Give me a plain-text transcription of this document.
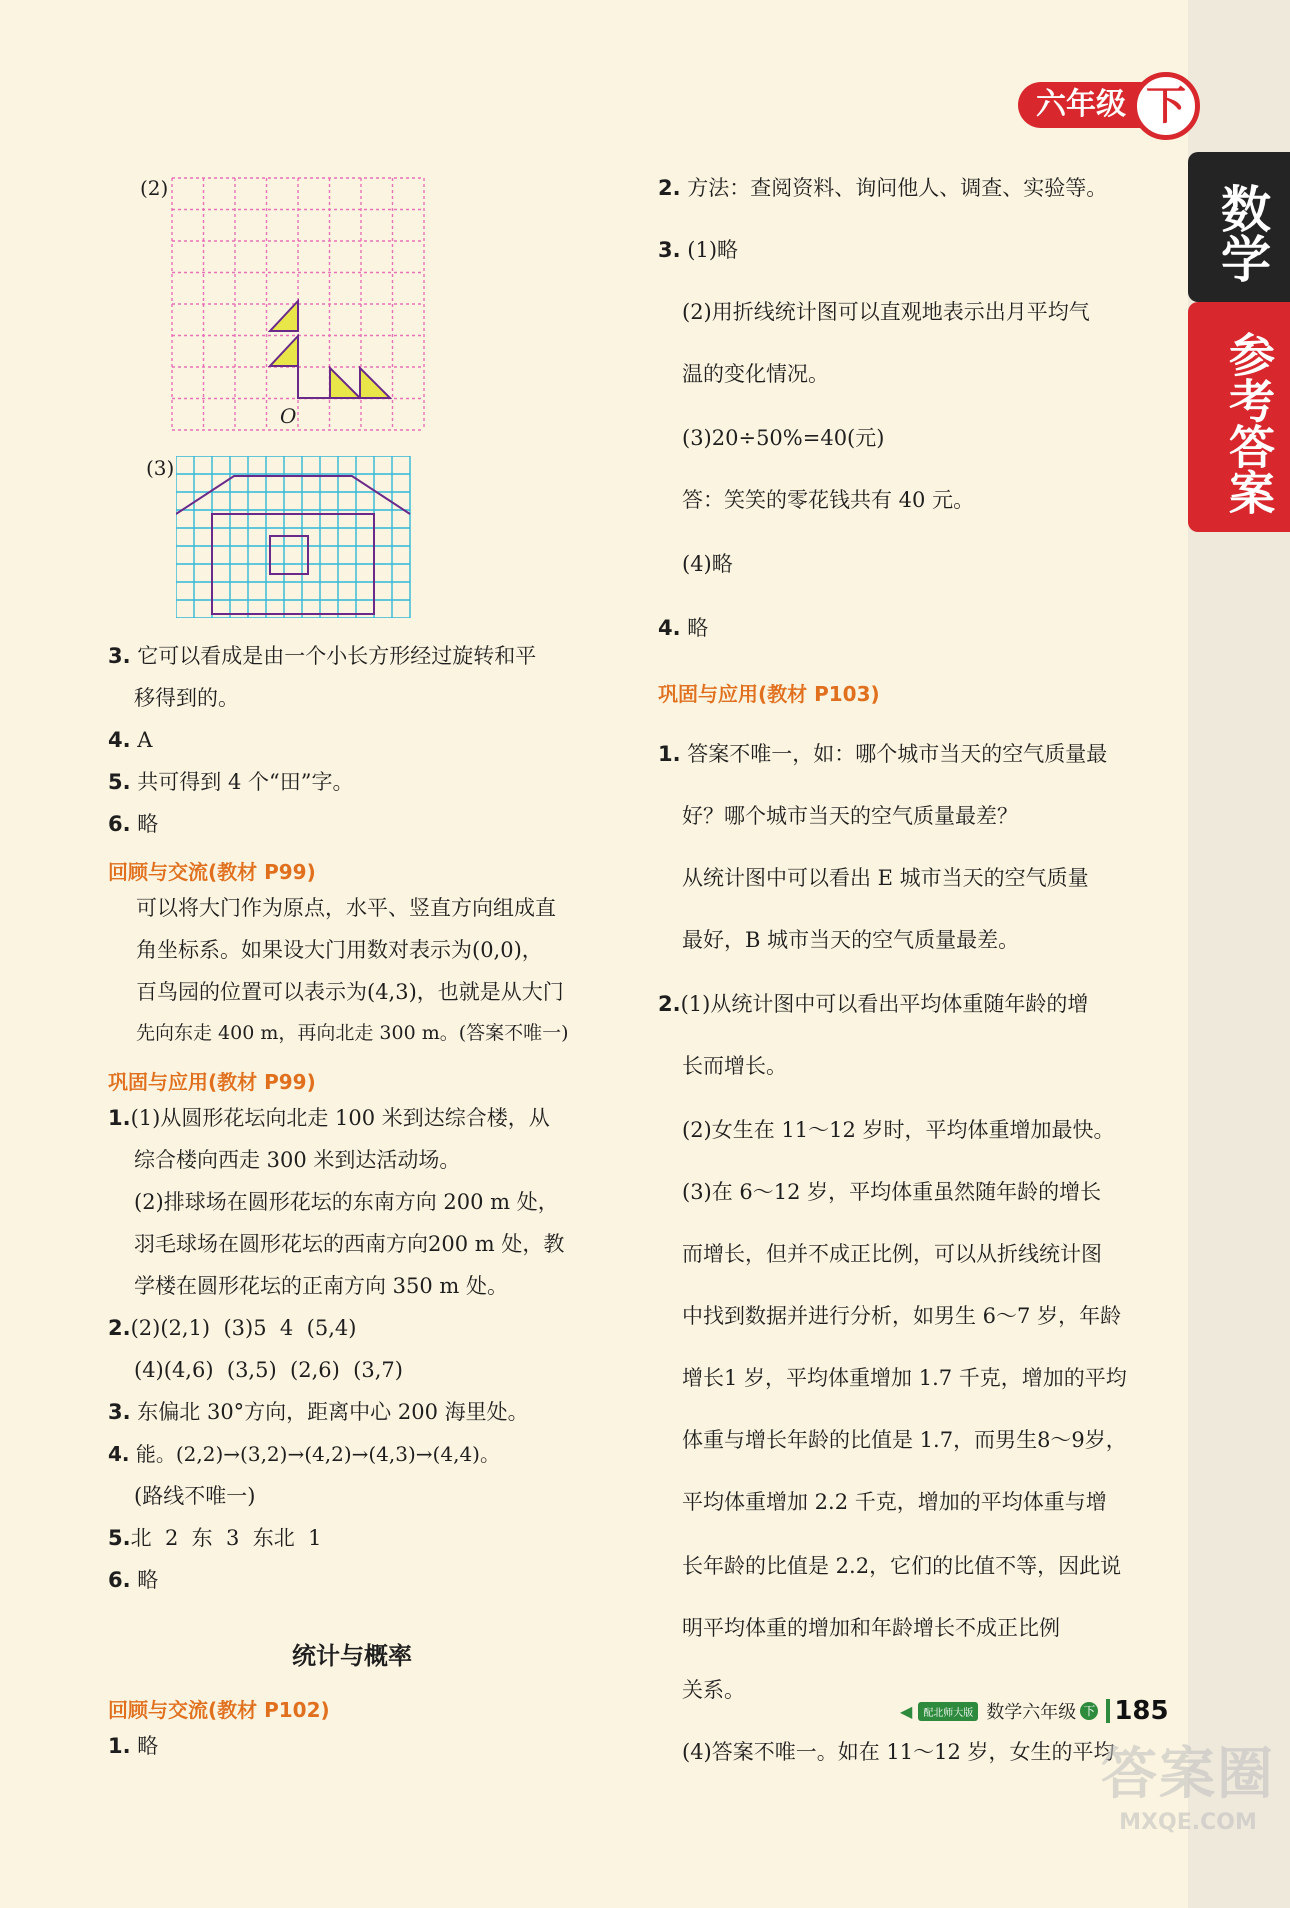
数学
参考答案
六年级 下
(2)
O
(3)
3. 它可以看成是由一个小长方形经过旋转和平
移得到的。
4. A
5. 共可得到 4 个“田”字。
6. 略
回顾与交流(教材 P99)
可以将大门作为原点，水平、竖直方向组成直
角坐标系。如果设大门用数对表示为(0,0)，
百鸟园的位置可以表示为(4,3)，也就是从大门
先向东走 400 m，再向北走 300 m。(答案不唯一)
巩固与应用(教材 P99)
1.(1)从圆形花坛向北走 100 米到达综合楼，从
综合楼向西走 300 米到达活动场。
(2)排球场在圆形花坛的东南方向 200 m 处，
羽毛球场在圆形花坛的西南方向200 m 处，教
学楼在圆形花坛的正南方向 350 m 处。
2.(2)(2,1)  (3)5  4  (5,4)
(4)(4,6)  (3,5)  (2,6)  (3,7)
3. 东偏北 30°方向，距离中心 200 海里处。
4. 能。(2,2)→(3,2)→(4,2)→(4,3)→(4,4)。
(路线不唯一)
5.北  2  东  3  东北  1
6. 略
统计与概率
回顾与交流(教材 P102)
1. 略
2. 方法：查阅资料、询问他人、调查、实验等。
3. (1)略
(2)用折线统计图可以直观地表示出月平均气
温的变化情况。
(3)20÷50%=40(元)
答：笑笑的零花钱共有 40 元。
(4)略
4. 略
巩固与应用(教材 P103)
1. 答案不唯一，如：哪个城市当天的空气质量最
好？哪个城市当天的空气质量最差？
从统计图中可以看出 E 城市当天的空气质量
最好，B 城市当天的空气质量最差。
2.(1)从统计图中可以看出平均体重随年龄的增
长而增长。
(2)女生在 11～12 岁时，平均体重增加最快。
(3)在 6～12 岁，平均体重虽然随年龄的增长
而增长，但并不成正比例，可以从折线统计图
中找到数据并进行分析，如男生 6～7 岁，年龄
增长1 岁，平均体重增加 1.7 千克，增加的平均
体重与增长年龄的比值是 1.7，而男生8～9岁，
平均体重增加 2.2 千克，增加的平均体重与增
长年龄的比值是 2.2，它们的比值不等，因此说
明平均体重的增加和年龄增长不成正比例
关系。
(4)答案不唯一。如在 11～12 岁，女生的平均
◀	配北师大版 数学六年级 下 185
答案圈
MXQE.COM
